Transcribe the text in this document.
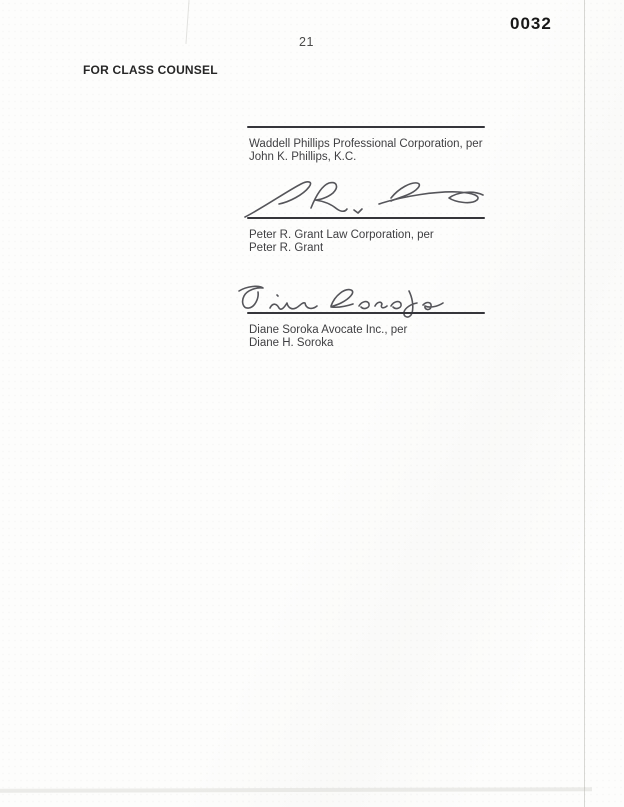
21
0032
FOR CLASS COUNSEL
Waddell Phillips Professional Corporation, per
John K. Phillips, K.C.
Peter R. Grant Law Corporation, per
Peter R. Grant
Diane Soroka Avocate Inc., per
Diane H. Soroka
